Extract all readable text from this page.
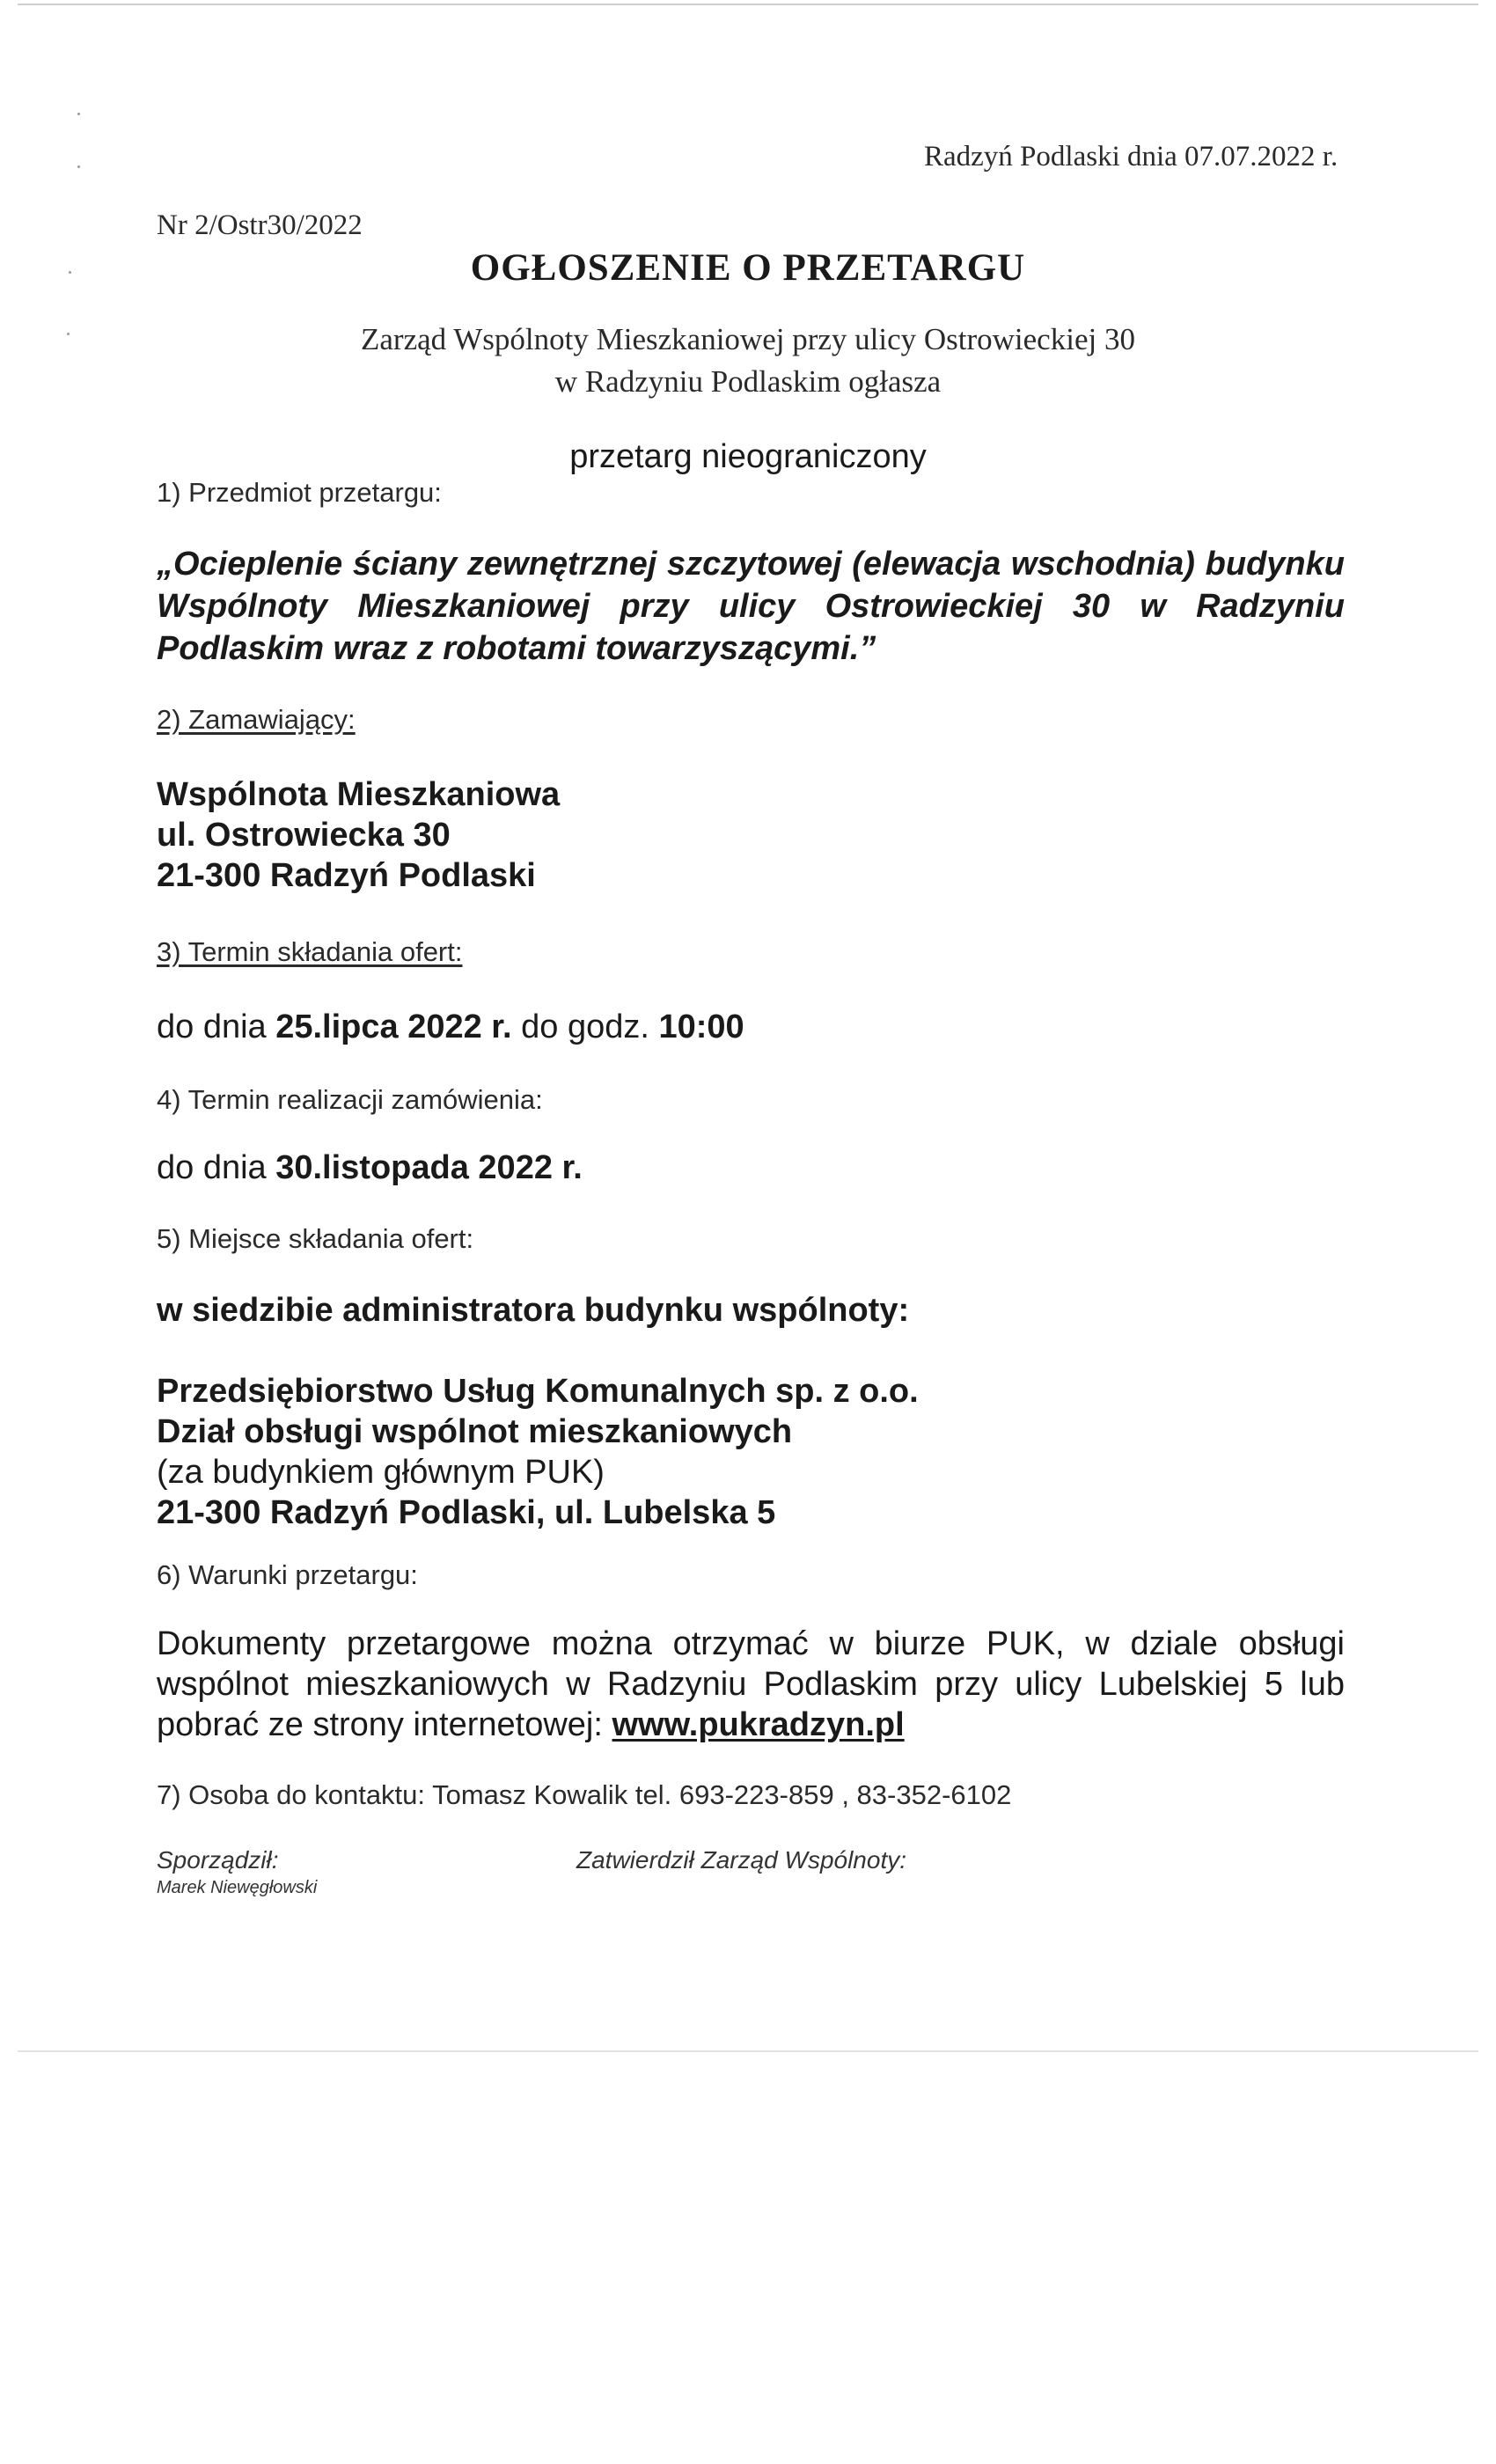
Radzyń Podlaski dnia 07.07.2022 r.
Nr 2/Ostr30/2022
OGŁOSZENIE O PRZETARGU
Zarząd Wspólnoty Mieszkaniowej przy ulicy Ostrowieckiej 30
w Radzyniu Podlaskim ogłasza
przetarg nieograniczony
1) Przedmiot przetargu:
„Ocieplenie ściany zewnętrznej szczytowej (elewacja wschodnia) budynku Wspólnoty Mieszkaniowej przy ulicy Ostrowieckiej 30 w Radzyniu Podlaskim wraz z robotami towarzyszącymi.”
2) Zamawiający:
Wspólnota Mieszkaniowa
ul. Ostrowiecka 30
21-300 Radzyń Podlaski
3) Termin składania ofert:
do dnia 25.lipca 2022 r. do godz. 10:00
4) Termin realizacji zamówienia:
do dnia 30.listopada 2022 r.
5) Miejsce składania ofert:
w siedzibie administratora budynku wspólnoty:
Przedsiębiorstwo Usług Komunalnych sp. z o.o.
Dział obsługi wspólnot mieszkaniowych
(za budynkiem głównym PUK)
21-300 Radzyń Podlaski, ul. Lubelska 5
6) Warunki przetargu:
Dokumenty przetargowe można otrzymać w biurze PUK, w dziale obsługi wspólnot mieszkaniowych w Radzyniu Podlaskim przy ulicy Lubelskiej 5 lub pobrać ze strony internetowej: www.pukradzyn.pl
7) Osoba do kontaktu: Tomasz Kowalik tel. 693-223-859 , 83-352-6102
Sporządził:
Marek Niewęgłowski
Zatwierdził Zarząd Wspólnoty:
